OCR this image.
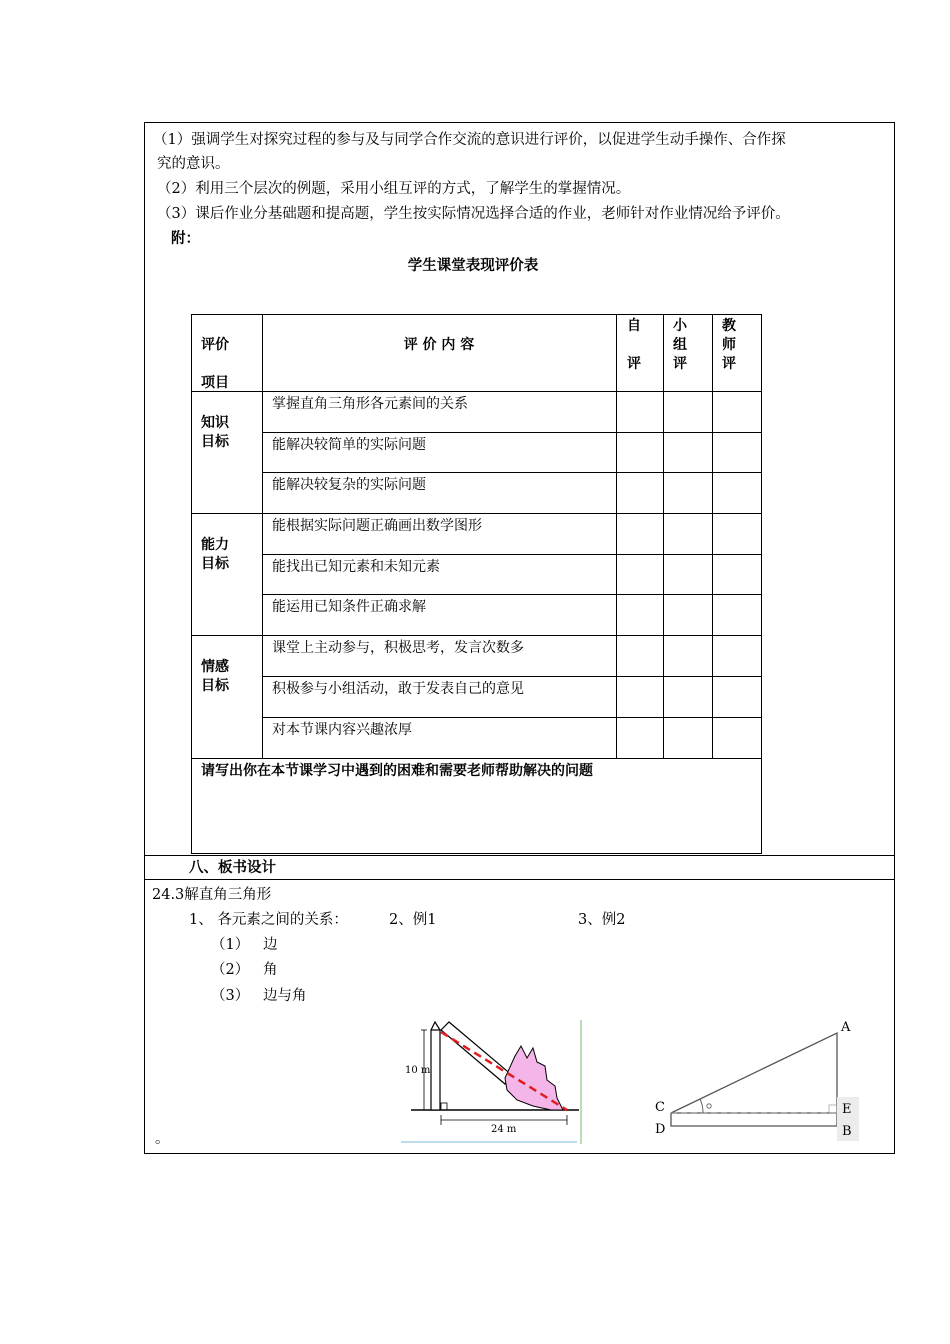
（1）强调学生对探究过程的参与及与同学合作交流的意识进行评价，以促进学生动手操作、合作探
究的意识。
（2）利用三个层次的例题，采用小组互评的方式，了解学生的掌握情况。
（3）课后作业分基础题和提高题，学生按实际情况选择合适的作业，老师针对作业情况给予评价。
附：
学生课堂表现评价表
评价
项目
评 价 内 容
自
评
小
组
评
教
师
评
知识
目标
掌握直角三角形各元素间的关系
能解决较简单的实际问题
能解决较复杂的实际问题
能力
目标
能根据实际问题正确画出数学图形
能找出已知元素和未知元素
能运用已知条件正确求解
情感
目标
课堂上主动参与，积极思考，发言次数多
积极参与小组活动，敢于发表自己的意见
对本节课内容兴趣浓厚
请写出你在本节课学习中遇到的困难和需要老师帮助解决的问题
八、板书设计
24.3解直角三角形
1、 各元素之间的关系：	2、例1	3、例2
（1） 边
（2） 角
（3） 边与角
。
10 m
24 m
A
C
D
E
B
